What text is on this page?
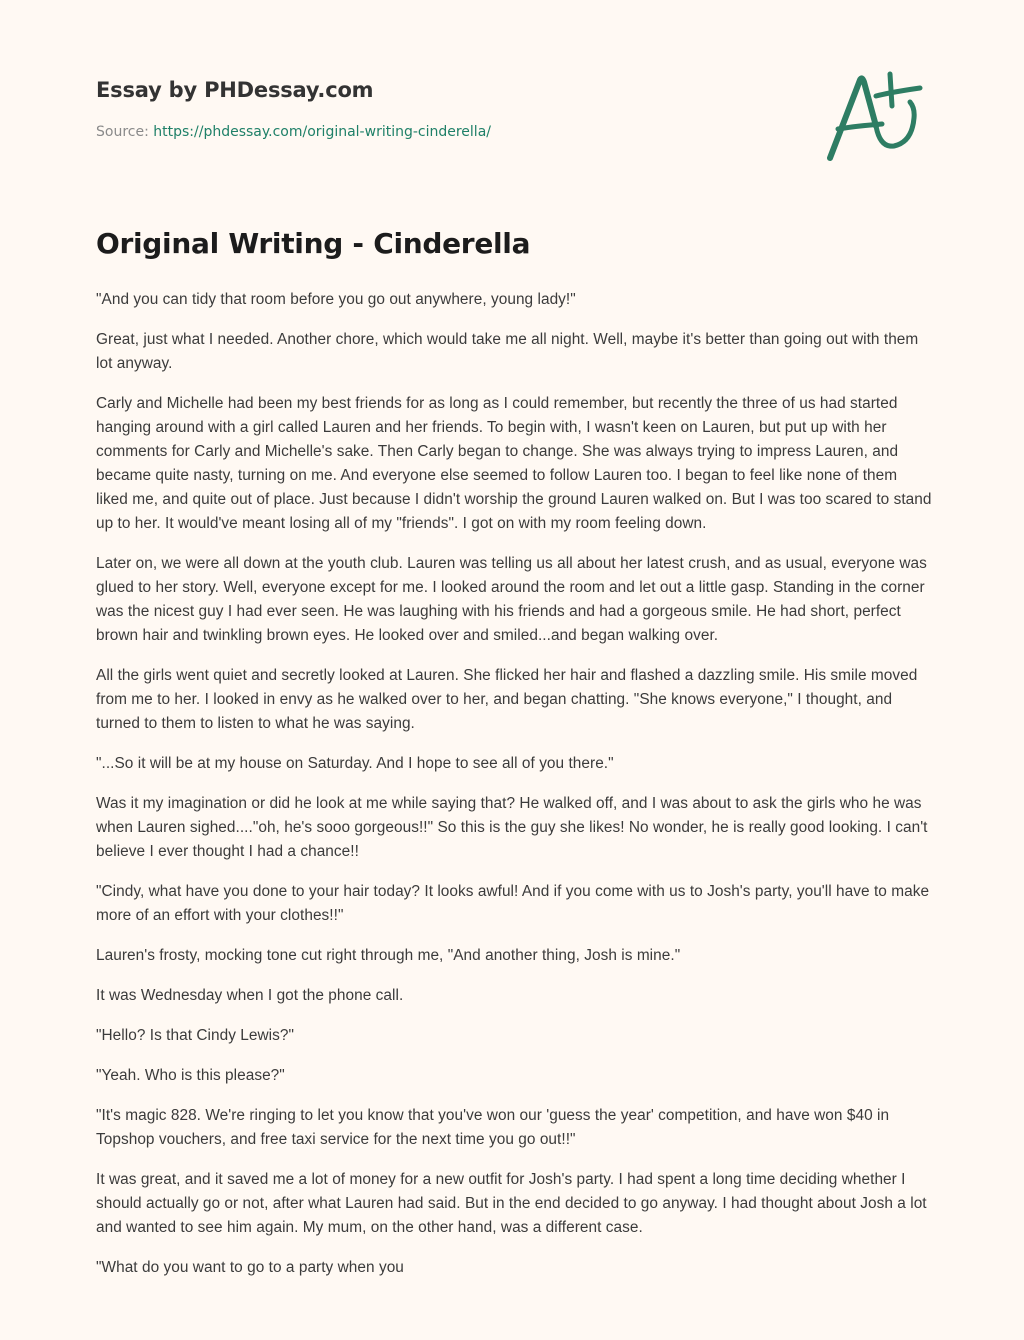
Essay by PHDessay.com
Source: https://phdessay.com/original-writing-cinderella/
Original Writing - Cinderella

"And you can tidy that room before you go out anywhere, young lady!"

Great, just what I needed. Another chore, which would take me all night. Well, maybe it's better than going out with them lot anyway.

Carly and Michelle had been my best friends for as long as I could remember, but recently the three of us had started hanging around with a girl called Lauren and her friends. To begin with, I wasn't keen on Lauren, but put up with her comments for Carly and Michelle's sake. Then Carly began to change. She was always trying to impress Lauren, and became quite nasty, turning on me. And everyone else seemed to follow Lauren too. I began to feel like none of them liked me, and quite out of place. Just because I didn't worship the ground Lauren walked on. But I was too scared to stand up to her. It would've meant losing all of my "friends". I got on with my room feeling down.

Later on, we were all down at the youth club. Lauren was telling us all about her latest crush, and as usual, everyone was glued to her story. Well, everyone except for me. I looked around the room and let out a little gasp. Standing in the corner was the nicest guy I had ever seen. He was laughing with his friends and had a gorgeous smile. He had short, perfect brown hair and twinkling brown eyes. He looked over and smiled...and began walking over.

All the girls went quiet and secretly looked at Lauren. She flicked her hair and flashed a dazzling smile. His smile moved from me to her. I looked in envy as he walked over to her, and began chatting. "She knows everyone," I thought, and turned to them to listen to what he was saying.

"...So it will be at my house on Saturday. And I hope to see all of you there."

Was it my imagination or did he look at me while saying that? He walked off, and I was about to ask the girls who he was when Lauren sighed...."oh, he's sooo gorgeous!!" So this is the guy she likes! No wonder, he is really good looking. I can't believe I ever thought I had a chance!!

"Cindy, what have you done to your hair today? It looks awful! And if you come with us to Josh's party, you'll have to make more of an effort with your clothes!!"

Lauren's frosty, mocking tone cut right through me, "And another thing, Josh is mine."

It was Wednesday when I got the phone call.

"Hello? Is that Cindy Lewis?"

"Yeah. Who is this please?"

"It's magic 828. We're ringing to let you know that you've won our 'guess the year' competition, and have won $40 in Topshop vouchers, and free taxi service for the next time you go out!!"

It was great, and it saved me a lot of money for a new outfit for Josh's party. I had spent a long time deciding whether I should actually go or not, after what Lauren had said. But in the end decided to go anyway. I had thought about Josh a lot and wanted to see him again. My mum, on the other hand, was a different case.

"What do you want to go to a party when you
